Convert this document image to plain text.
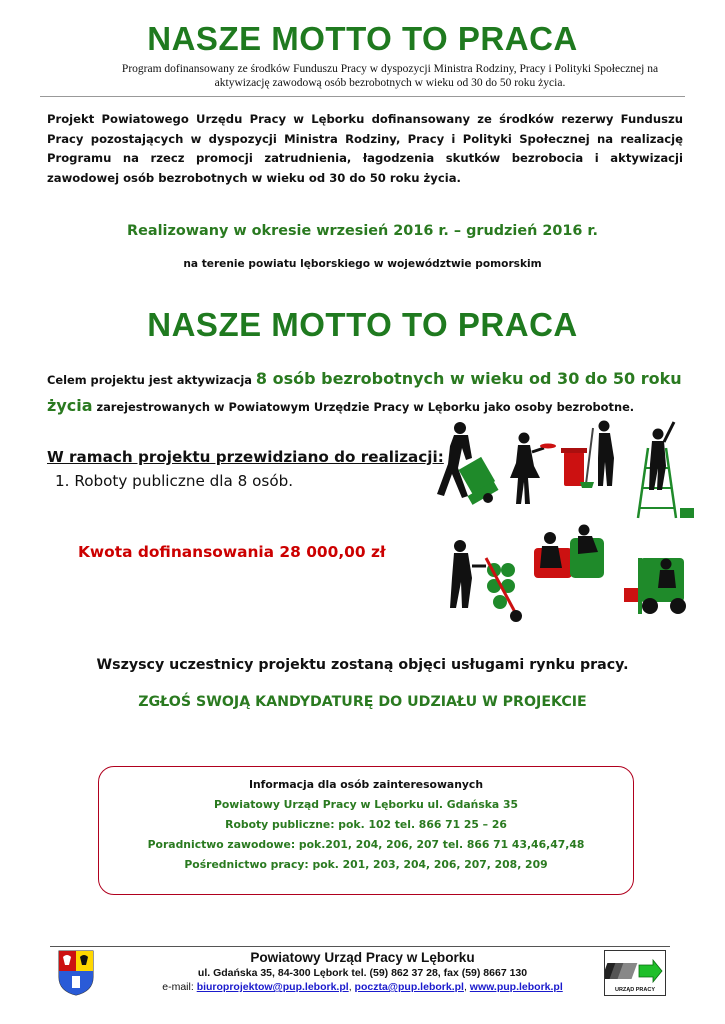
NASZE MOTTO TO PRACA
Program dofinansowany ze środków Funduszu Pracy w dyspozycji Ministra Rodziny, Pracy i Polityki Społecznej na
aktywizację zawodową osób bezrobotnych w wieku od 30 do 50 roku życia.
Projekt Powiatowego Urzędu Pracy w Lęborku dofinansowany ze środków rezerwy Funduszu Pracy pozostających w dyspozycji Ministra Rodziny, Pracy i Polityki Społecznej na realizację Programu na rzecz promocji zatrudnienia, łagodzenia skutków bezrobocia i aktywizacji zawodowej osób bezrobotnych w wieku od 30 do 50 roku życia.
Realizowany w okresie wrzesień 2016 r. – grudzień 2016 r.
na terenie powiatu lęborskiego w województwie pomorskim
NASZE MOTTO TO PRACA
Celem projektu jest aktywizacja 8 osób bezrobotnych w wieku od 30 do 50 roku życia zarejestrowanych w Powiatowym Urzędzie Pracy w Lęborku jako osoby bezrobotne.
W ramach projektu przewidziano do realizacji:
1. Roboty publiczne dla 8 osób.
Kwota dofinansowania 28 000,00 zł
Wszyscy uczestnicy projektu zostaną objęci usługami rynku pracy.
ZGŁOŚ SWOJĄ KANDYDATURĘ DO UDZIAŁU W PROJEKCIE
Informacja dla osób zainteresowanych
Powiatowy Urząd Pracy w Lęborku ul. Gdańska 35
Roboty publiczne: pok. 102 tel. 866 71 25 – 26
Poradnictwo zawodowe: pok.201, 204, 206, 207 tel. 866 71 43,46,47,48
Pośrednictwo pracy: pok. 201, 203, 204, 206, 207, 208, 209
Powiatowy Urząd Pracy w Lęborku
ul. Gdańska 35, 84-300 Lębork tel. (59) 862 37 28, fax (59) 8667 130
e-mail: biuroprojektow@pup.lebork.pl, poczta@pup.lebork.pl, www.pup.lebork.pl	URZĄD PRACY
